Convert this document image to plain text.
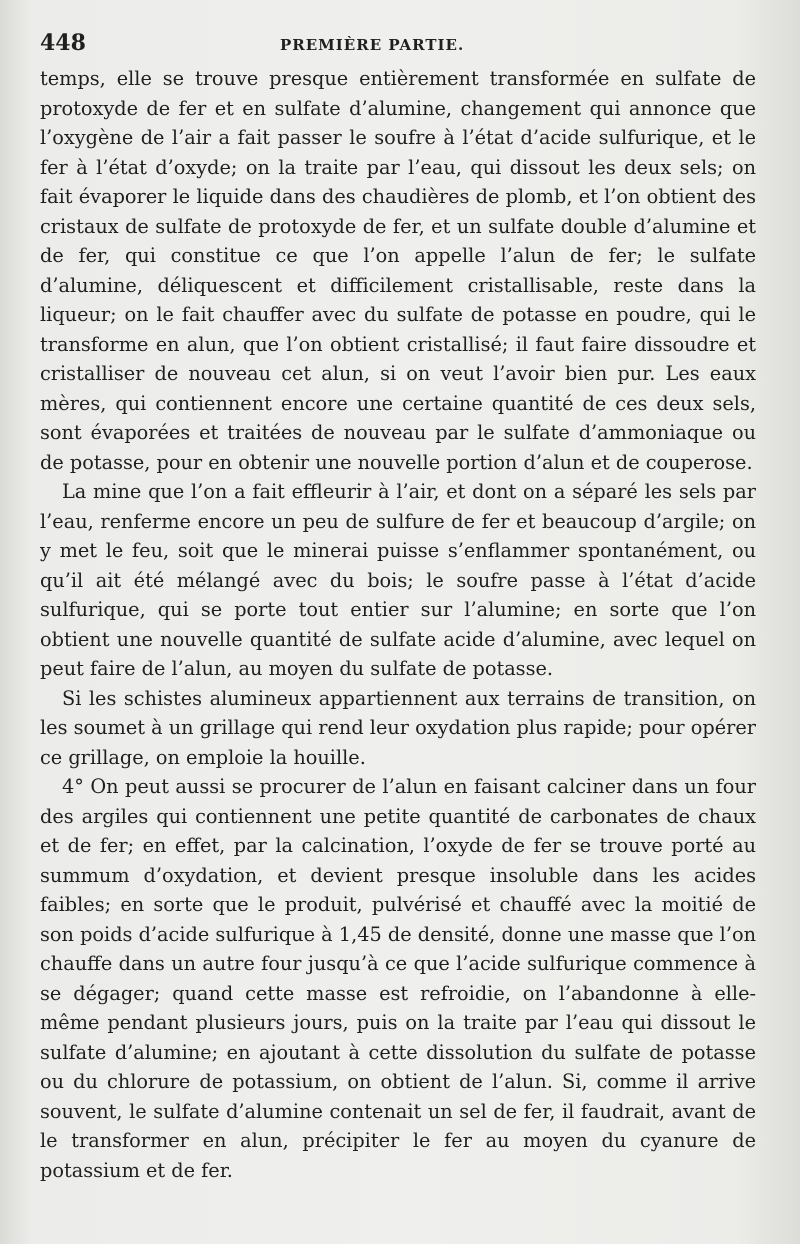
448	PREMIÈRE PARTIE.

temps, elle se trouve presque entièrement transformée en sulfate de protoxyde de fer et en sulfate d’alumine, changement qui annonce que l’oxygène de l’air a fait passer le soufre à l’état d’acide sulfurique, et le fer à l’état d’oxyde; on la traite par l’eau, qui dissout les deux sels; on fait évaporer le liquide dans des chaudières de plomb, et l’on obtient des cristaux de sulfate de protoxyde de fer, et un sulfate double d’alumine et de fer, qui constitue ce que l’on appelle l’alun de fer; le sulfate d’alumine, déliquescent et difficilement cristallisable, reste dans la liqueur; on le fait chauffer avec du sulfate de potasse en poudre, qui le transforme en alun, que l’on obtient cristallisé; il faut faire dissoudre et cristalliser de nouveau cet alun, si on veut l’avoir bien pur. Les eaux mères, qui contiennent encore une certaine quantité de ces deux sels, sont évaporées et traitées de nouveau par le sulfate d’ammoniaque ou de potasse, pour en obtenir une nouvelle portion d’alun et de couperose.

La mine que l’on a fait effleurir à l’air, et dont on a séparé les sels par l’eau, renferme encore un peu de sulfure de fer et beaucoup d’argile; on y met le feu, soit que le minerai puisse s’enflammer spontanément, ou qu’il ait été mélangé avec du bois; le soufre passe à l’état d’acide sulfurique, qui se porte tout entier sur l’alumine; en sorte que l’on obtient une nouvelle quantité de sulfate acide d’alumine, avec lequel on peut faire de l’alun, au moyen du sulfate de potasse.

Si les schistes alumineux appartiennent aux terrains de transition, on les soumet à un grillage qui rend leur oxydation plus rapide; pour opérer ce grillage, on emploie la houille.

4° On peut aussi se procurer de l’alun en faisant calciner dans un four des argiles qui contiennent une petite quantité de carbonates de chaux et de fer; en effet, par la calcination, l’oxyde de fer se trouve porté au summum d’oxydation, et devient presque insoluble dans les acides faibles; en sorte que le produit, pulvérisé et chauffé avec la moitié de son poids d’acide sulfurique à 1,45 de densité, donne une masse que l’on chauffe dans un autre four jusqu’à ce que l’acide sulfurique commence à se dégager; quand cette masse est refroidie, on l’abandonne à elle-même pendant plusieurs jours, puis on la traite par l’eau qui dissout le sulfate d’alumine; en ajoutant à cette dissolution du sulfate de potasse ou du chlorure de potassium, on obtient de l’alun. Si, comme il arrive souvent, le sulfate d’alumine contenait un sel de fer, il faudrait, avant de le transformer en alun, précipiter le fer au moyen du cyanure de potassium et de fer.
